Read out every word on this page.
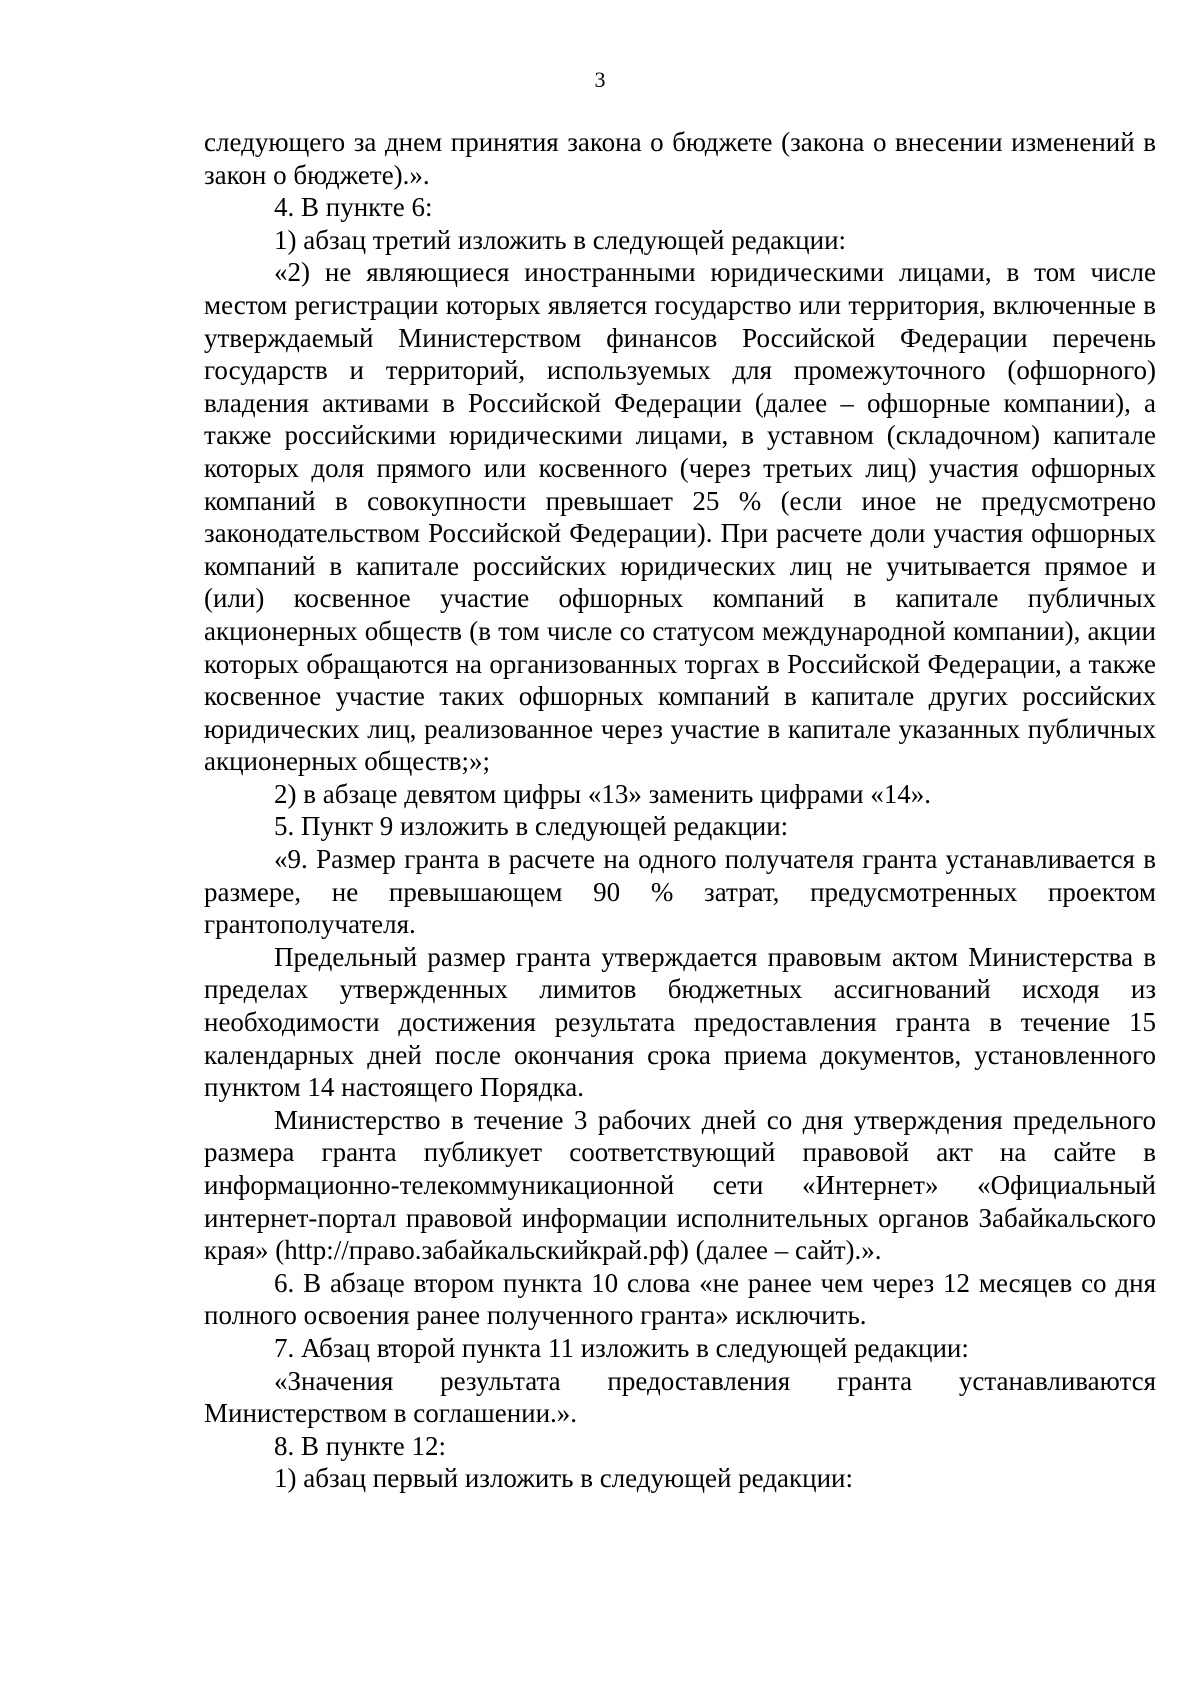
3

следующего за днем принятия закона о бюджете (закона о внесении изменений в закон о бюджете).».

4. В пункте 6:

1) абзац третий изложить в следующей редакции:

«2) не являющиеся иностранными юридическими лицами, в том числе местом регистрации которых является государство или территория, включенные в утверждаемый Министерством финансов Российской Федерации перечень государств и территорий, используемых для промежуточного (офшорного) владения активами в Российской Федерации (далее – офшорные компании), а также российскими юридическими лицами, в уставном (складочном) капитале которых доля прямого или косвенного (через третьих лиц) участия офшорных компаний в совокупности превышает 25 % (если иное не предусмотрено законодательством Российской Федерации). При расчете доли участия офшорных компаний в капитале российских юридических лиц не учитывается прямое и (или) косвенное участие офшорных компаний в капитале публичных акционерных обществ (в том числе со статусом международной компании), акции которых обращаются на организованных торгах в Российской Федерации, а также косвенное участие таких офшорных компаний в капитале других российских юридических лиц, реализованное через участие в капитале указанных публичных акционерных обществ;»;

2) в абзаце девятом цифры «13» заменить цифрами «14».

5. Пункт 9 изложить в следующей редакции:

«9. Размер гранта в расчете на одного получателя гранта устанавливается в размере, не превышающем 90 % затрат, предусмотренных проектом грантополучателя.

Предельный размер гранта утверждается правовым актом Министерства в пределах утвержденных лимитов бюджетных ассигнований исходя из необходимости достижения результата предоставления гранта в течение 15 календарных дней после окончания срока приема документов, установленного пунктом 14 настоящего Порядка.

Министерство в течение 3 рабочих дней со дня утверждения предельного размера гранта публикует соответствующий правовой акт на сайте в информационно-телекоммуникационной сети «Интернет» «Официальный интернет-портал правовой информации исполнительных органов Забайкальского края» (http://право.забайкальскийкрай.рф) (далее – сайт).».

6. В абзаце втором пункта 10 слова «не ранее чем через 12 месяцев со дня полного освоения ранее полученного гранта» исключить.

7. Абзац второй пункта 11 изложить в следующей редакции:

«Значения результата предоставления гранта устанавливаются Министерством в соглашении.».

8. В пункте 12:

1) абзац первый изложить в следующей редакции:
